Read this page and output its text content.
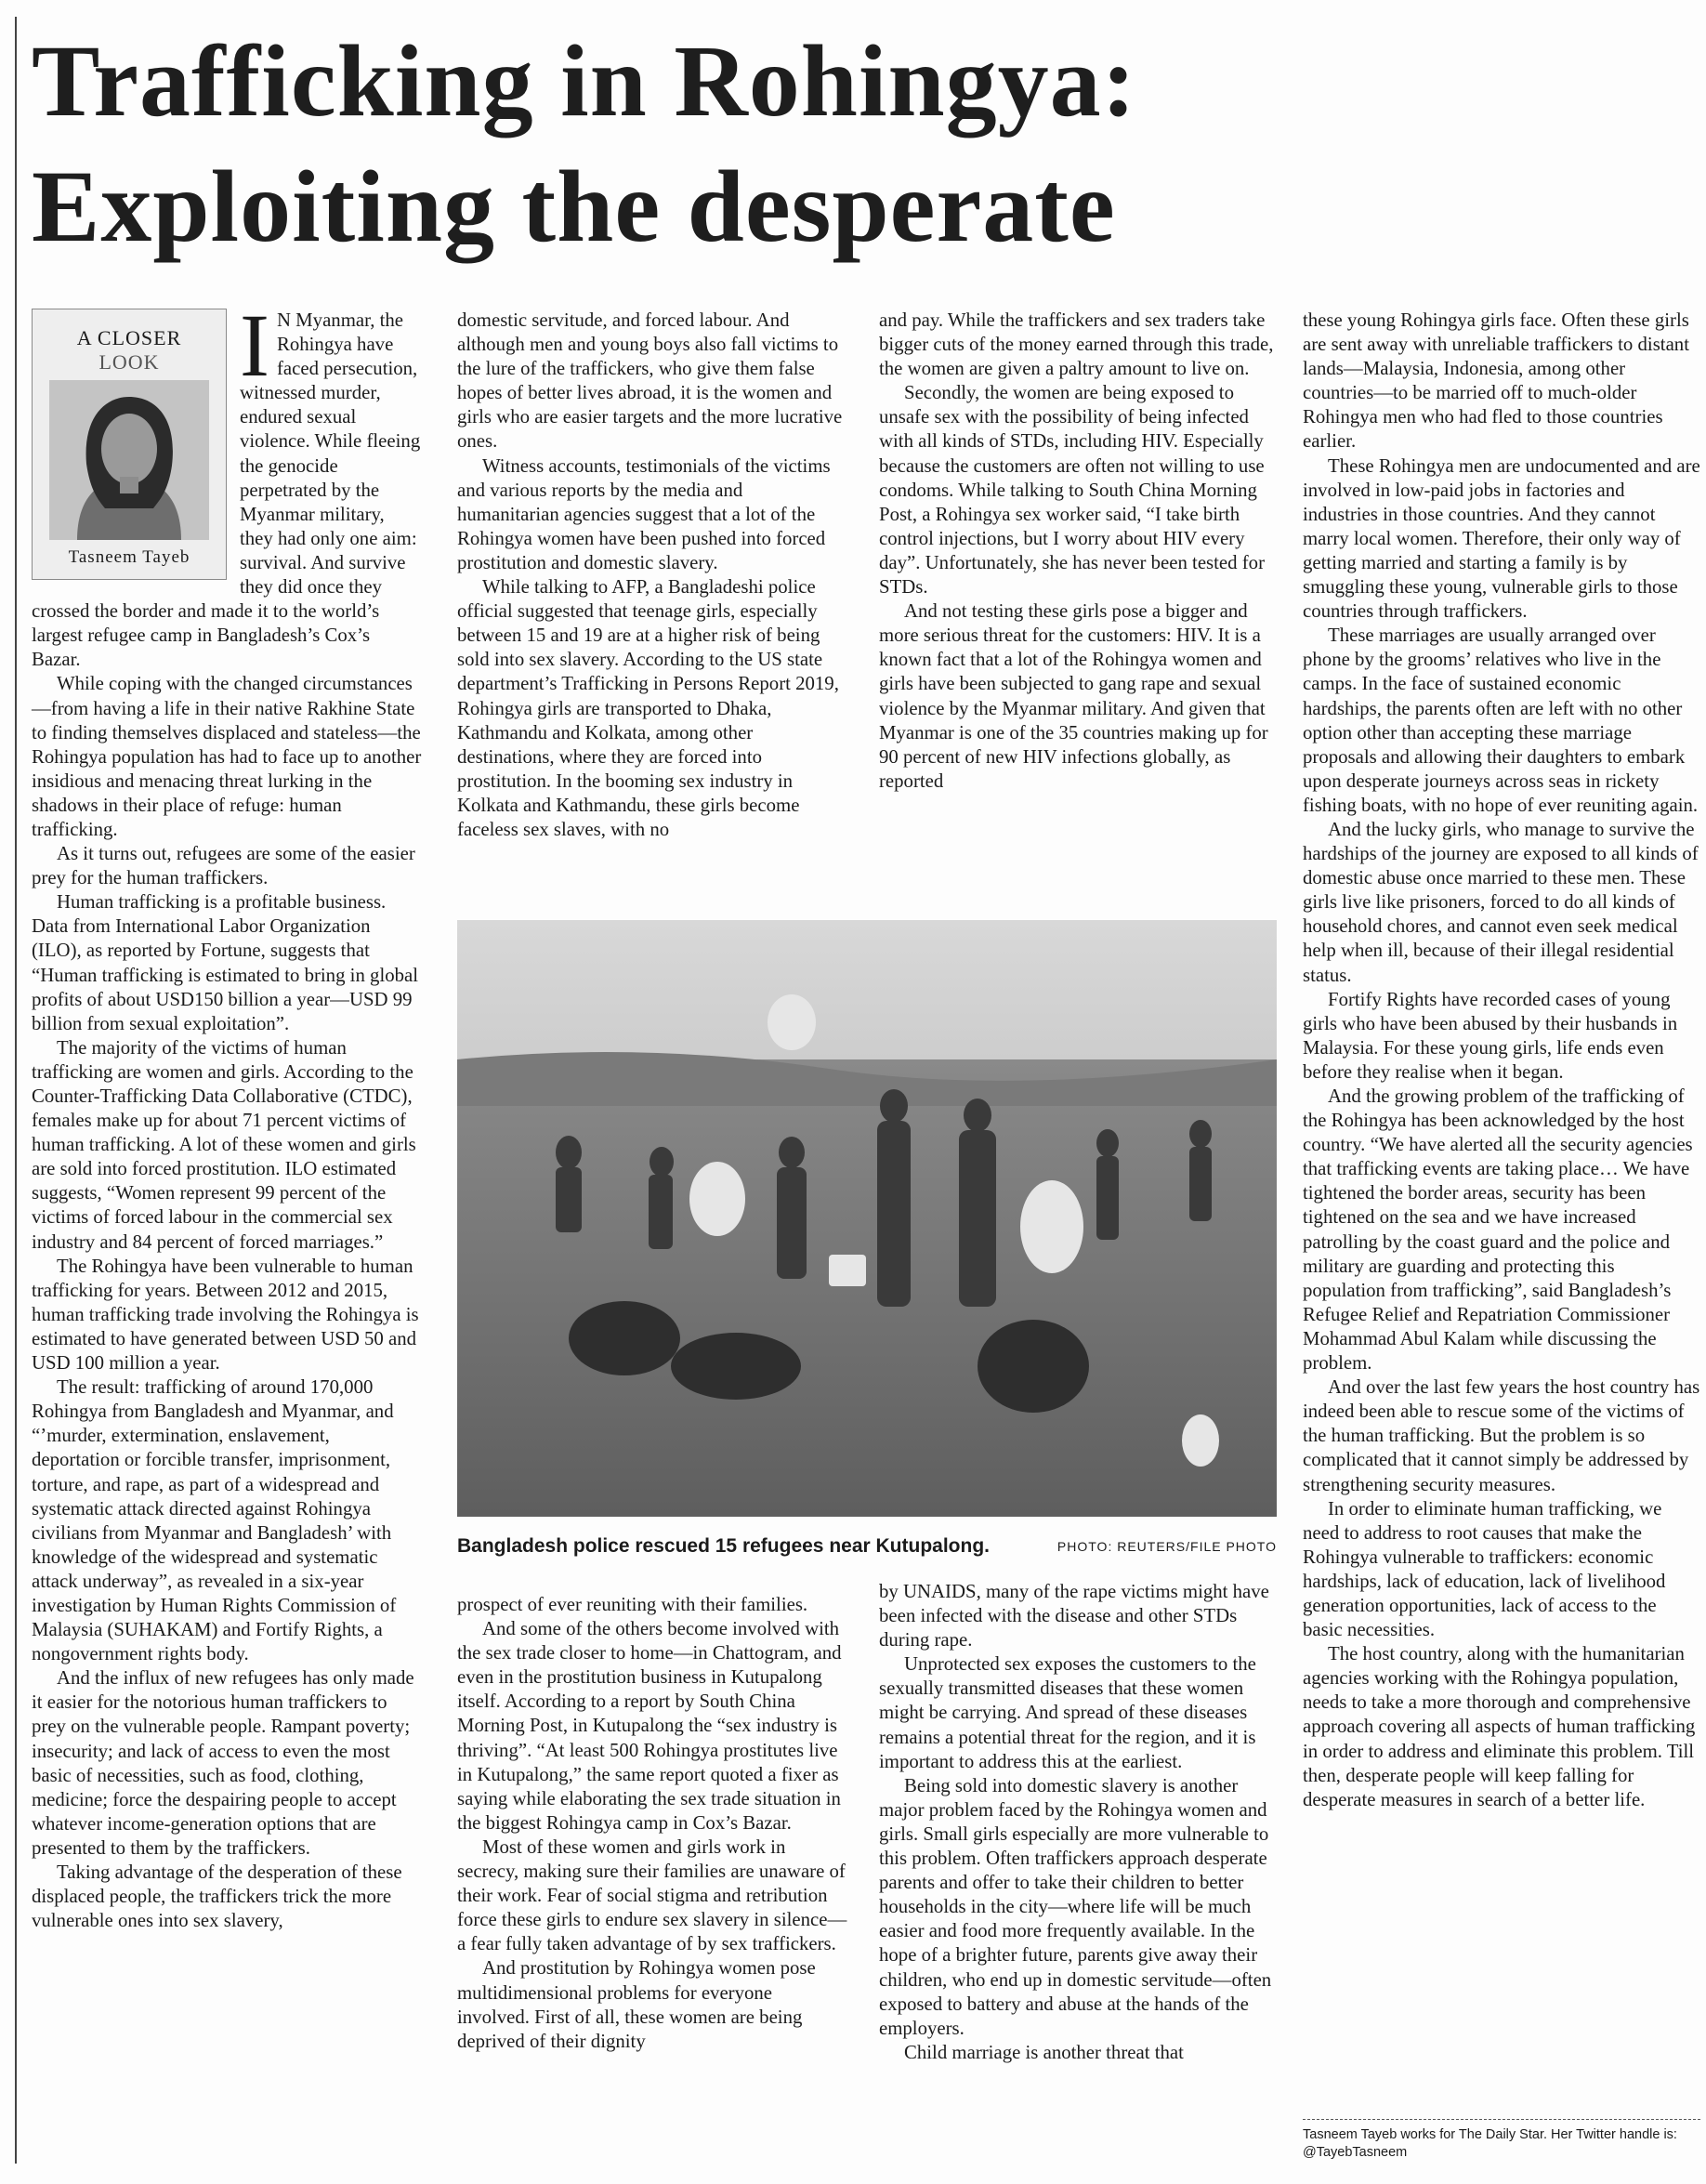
Trafficking in Rohingya:
Exploiting the desperate
A CLOSER
LOOK
Tasneem Tayeb
I N Myanmar, the Rohingya have faced persecution, witnessed murder, endured sexual violence. While fleeing the genocide perpetrated by the Myanmar military, they had only one aim: survival. And survive they did once they crossed the border and made it to the world’s largest refugee camp in Bangladesh’s Cox’s Bazar.

While coping with the changed circumstances—from having a life in their native Rakhine State to finding themselves displaced and stateless—the Rohingya population has had to face up to another insidious and menacing threat lurking in the shadows in their place of refuge: human trafficking.

As it turns out, refugees are some of the easier prey for the human traffickers.

Human trafficking is a profitable business. Data from International Labor Organization (ILO), as reported by Fortune, suggests that “Human trafficking is estimated to bring in global profits of about USD150 billion a year—USD 99 billion from sexual exploitation”.

The majority of the victims of human trafficking are women and girls. According to the Counter-Trafficking Data Collaborative (CTDC), females make up for about 71 percent victims of human trafficking. A lot of these women and girls are sold into forced prostitution. ILO estimated suggests, “Women represent 99 percent of the victims of forced labour in the commercial sex industry and 84 percent of forced marriages.”

The Rohingya have been vulnerable to human trafficking for years. Between 2012 and 2015, human trafficking trade involving the Rohingya is estimated to have generated between USD 50 and USD 100 million a year.

The result: trafficking of around 170,000 Rohingya from Bangladesh and Myanmar, and “’murder, extermination, enslavement, deportation or forcible transfer, imprisonment, torture, and rape, as part of a widespread and systematic attack directed against Rohingya civilians from Myanmar and Bangladesh’ with knowledge of the widespread and systematic attack underway”, as revealed in a six-year investigation by Human Rights Commission of Malaysia (SUHAKAM) and Fortify Rights, a nongovernment rights body.

And the influx of new refugees has only made it easier for the notorious human traffickers to prey on the vulnerable people. Rampant poverty; insecurity; and lack of access to even the most basic of necessities, such as food, clothing, medicine; force the despairing people to accept whatever income-generation options that are presented to them by the traffickers.

Taking advantage of the desperation of these displaced people, the traffickers trick the more vulnerable ones into sex slavery,

domestic servitude, and forced labour. And although men and young boys also fall victims to the lure of the traffickers, who give them false hopes of better lives abroad, it is the women and girls who are easier targets and the more lucrative ones.

Witness accounts, testimonials of the victims and various reports by the media and humanitarian agencies suggest that a lot of the Rohingya women have been pushed into forced prostitution and domestic slavery.

While talking to AFP, a Bangladeshi police official suggested that teenage girls, especially between 15 and 19 are at a higher risk of being sold into sex slavery. According to the US state department’s Trafficking in Persons Report 2019, Rohingya girls are transported to Dhaka, Kathmandu and Kolkata, among other destinations, where they are forced into prostitution. In the booming sex industry in Kolkata and Kathmandu, these girls become faceless sex slaves, with no

and pay. While the traffickers and sex traders take bigger cuts of the money earned through this trade, the women are given a paltry amount to live on.

Secondly, the women are being exposed to unsafe sex with the possibility of being infected with all kinds of STDs, including HIV. Especially because the customers are often not willing to use condoms. While talking to South China Morning Post, a Rohingya sex worker said, “I take birth control injections, but I worry about HIV every day”. Unfortunately, she has never been tested for STDs.

And not testing these girls pose a bigger and more serious threat for the customers: HIV. It is a known fact that a lot of the Rohingya women and girls have been subjected to gang rape and sexual violence by the Myanmar military. And given that Myanmar is one of the 35 countries making up for 90 percent of new HIV infections globally, as reported

Bangladesh police rescued 15 refugees near Kutupalong.	PHOTO: REUTERS/FILE PHOTO

prospect of ever reuniting with their families.

And some of the others become involved with the sex trade closer to home—in Chattogram, and even in the prostitution business in Kutupalong itself. According to a report by South China Morning Post, in Kutupalong the “sex industry is thriving”. “At least 500 Rohingya prostitutes live in Kutupalong,” the same report quoted a fixer as saying while elaborating the sex trade situation in the biggest Rohingya camp in Cox’s Bazar.

Most of these women and girls work in secrecy, making sure their families are unaware of their work. Fear of social stigma and retribution force these girls to endure sex slavery in silence—a fear fully taken advantage of by sex traffickers.

And prostitution by Rohingya women pose multidimensional problems for everyone involved. First of all, these women are being deprived of their dignity

by UNAIDS, many of the rape victims might have been infected with the disease and other STDs during rape.

Unprotected sex exposes the customers to the sexually transmitted diseases that these women might be carrying. And spread of these diseases remains a potential threat for the region, and it is important to address this at the earliest.

Being sold into domestic slavery is another major problem faced by the Rohingya women and girls. Small girls especially are more vulnerable to this problem. Often traffickers approach desperate parents and offer to take their children to better households in the city—where life will be much easier and food more frequently available. In the hope of a brighter future, parents give away their children, who end up in domestic servitude—often exposed to battery and abuse at the hands of the employers.

Child marriage is another threat that

these young Rohingya girls face. Often these girls are sent away with unreliable traffickers to distant lands—Malaysia, Indonesia, among other countries—to be married off to much-older Rohingya men who had fled to those countries earlier.

These Rohingya men are undocumented and are involved in low-paid jobs in factories and industries in those countries. And they cannot marry local women. Therefore, their only way of getting married and starting a family is by smuggling these young, vulnerable girls to those countries through traffickers.

These marriages are usually arranged over phone by the grooms’ relatives who live in the camps. In the face of sustained economic hardships, the parents often are left with no other option other than accepting these marriage proposals and allowing their daughters to embark upon desperate journeys across seas in rickety fishing boats, with no hope of ever reuniting again.

And the lucky girls, who manage to survive the hardships of the journey are exposed to all kinds of domestic abuse once married to these men. These girls live like prisoners, forced to do all kinds of household chores, and cannot even seek medical help when ill, because of their illegal residential status.

Fortify Rights have recorded cases of young girls who have been abused by their husbands in Malaysia. For these young girls, life ends even before they realise when it began.

And the growing problem of the trafficking of the Rohingya has been acknowledged by the host country. “We have alerted all the security agencies that trafficking events are taking place… We have tightened the border areas, security has been tightened on the sea and we have increased patrolling by the coast guard and the police and military are guarding and protecting this population from trafficking”, said Bangladesh’s Refugee Relief and Repatriation Commissioner Mohammad Abul Kalam while discussing the problem.

And over the last few years the host country has indeed been able to rescue some of the victims of the human trafficking. But the problem is so complicated that it cannot simply be addressed by strengthening security measures.

In order to eliminate human trafficking, we need to address to root causes that make the Rohingya vulnerable to traffickers: economic hardships, lack of education, lack of livelihood generation opportunities, lack of access to the basic necessities.

The host country, along with the humanitarian agencies working with the Rohingya population, needs to take a more thorough and comprehensive approach covering all aspects of human trafficking in order to address and eliminate this problem. Till then, desperate people will keep falling for desperate measures in search of a better life.

Tasneem Tayeb works for The Daily Star. Her Twitter handle is: @TayebTasneem
